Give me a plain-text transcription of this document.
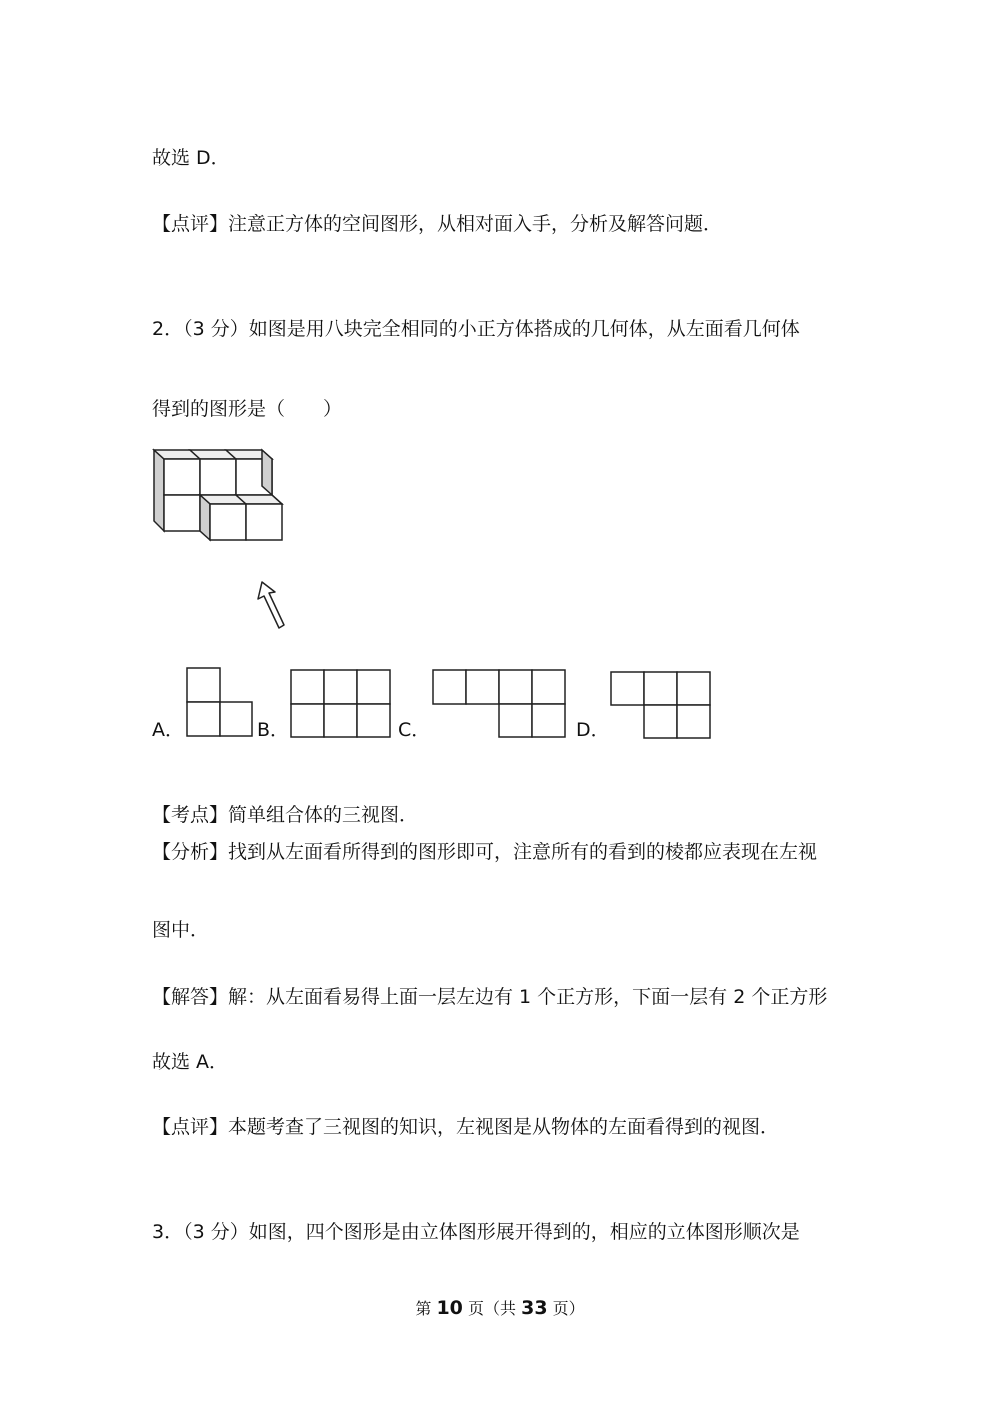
故选 D．
【点评】注意正方体的空间图形，从相对面入手，分析及解答问题．
2．（3 分）如图是用八块完全相同的小正方体搭成的几何体，从左面看几何体
得到的图形是（　　）
A．	B．	C．	D．
【考点】简单组合体的三视图．
【分析】找到从左面看所得到的图形即可，注意所有的看到的棱都应表现在左视
图中．
【解答】解：从左面看易得上面一层左边有 1 个正方形，下面一层有 2 个正方形
故选 A．
【点评】本题考查了三视图的知识，左视图是从物体的左面看得到的视图．
3．（3 分）如图，四个图形是由立体图形展开得到的，相应的立体图形顺次是
第 10 页（共 33 页）
